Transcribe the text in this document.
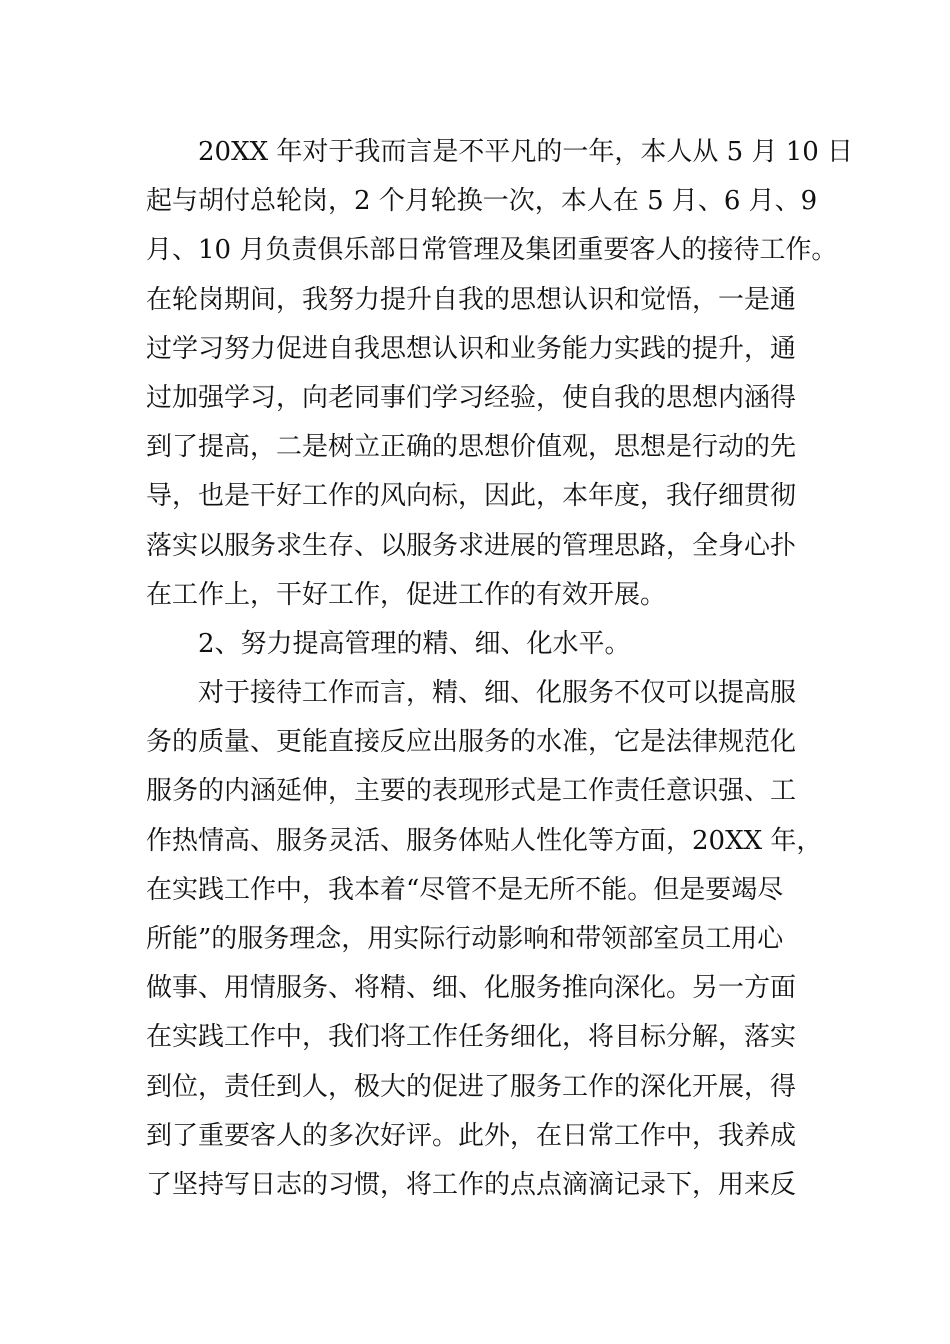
20XX 年对于我而言是不平凡的一年，本人从 5 月 10 日
起与胡付总轮岗，2 个月轮换一次，本人在 5 月、6 月、9
月、10 月负责俱乐部日常管理及集团重要客人的接待工作。
在轮岗期间，我努力提升自我的思想认识和觉悟，一是通
过学习努力促进自我思想认识和业务能力实践的提升，通
过加强学习，向老同事们学习经验，使自我的思想内涵得
到了提高，二是树立正确的思想价值观，思想是行动的先
导，也是干好工作的风向标，因此，本年度，我仔细贯彻
落实以服务求生存、以服务求进展的管理思路，全身心扑
在工作上，干好工作，促进工作的有效开展。
2、努力提高管理的精、细、化水平。
对于接待工作而言，精、细、化服务不仅可以提高服
务的质量、更能直接反应出服务的水准，它是法律规范化
服务的内涵延伸，主要的表现形式是工作责任意识强、工
作热情高、服务灵活、服务体贴人性化等方面，20XX 年，
在实践工作中，我本着“尽管不是无所不能。但是要竭尽
所能”的服务理念，用实际行动影响和带领部室员工用心
做事、用情服务、将精、细、化服务推向深化。另一方面
在实践工作中，我们将工作任务细化，将目标分解，落实
到位，责任到人，极大的促进了服务工作的深化开展，得
到了重要客人的多次好评。此外，在日常工作中，我养成
了坚持写日志的习惯，将工作的点点滴滴记录下，用来反
